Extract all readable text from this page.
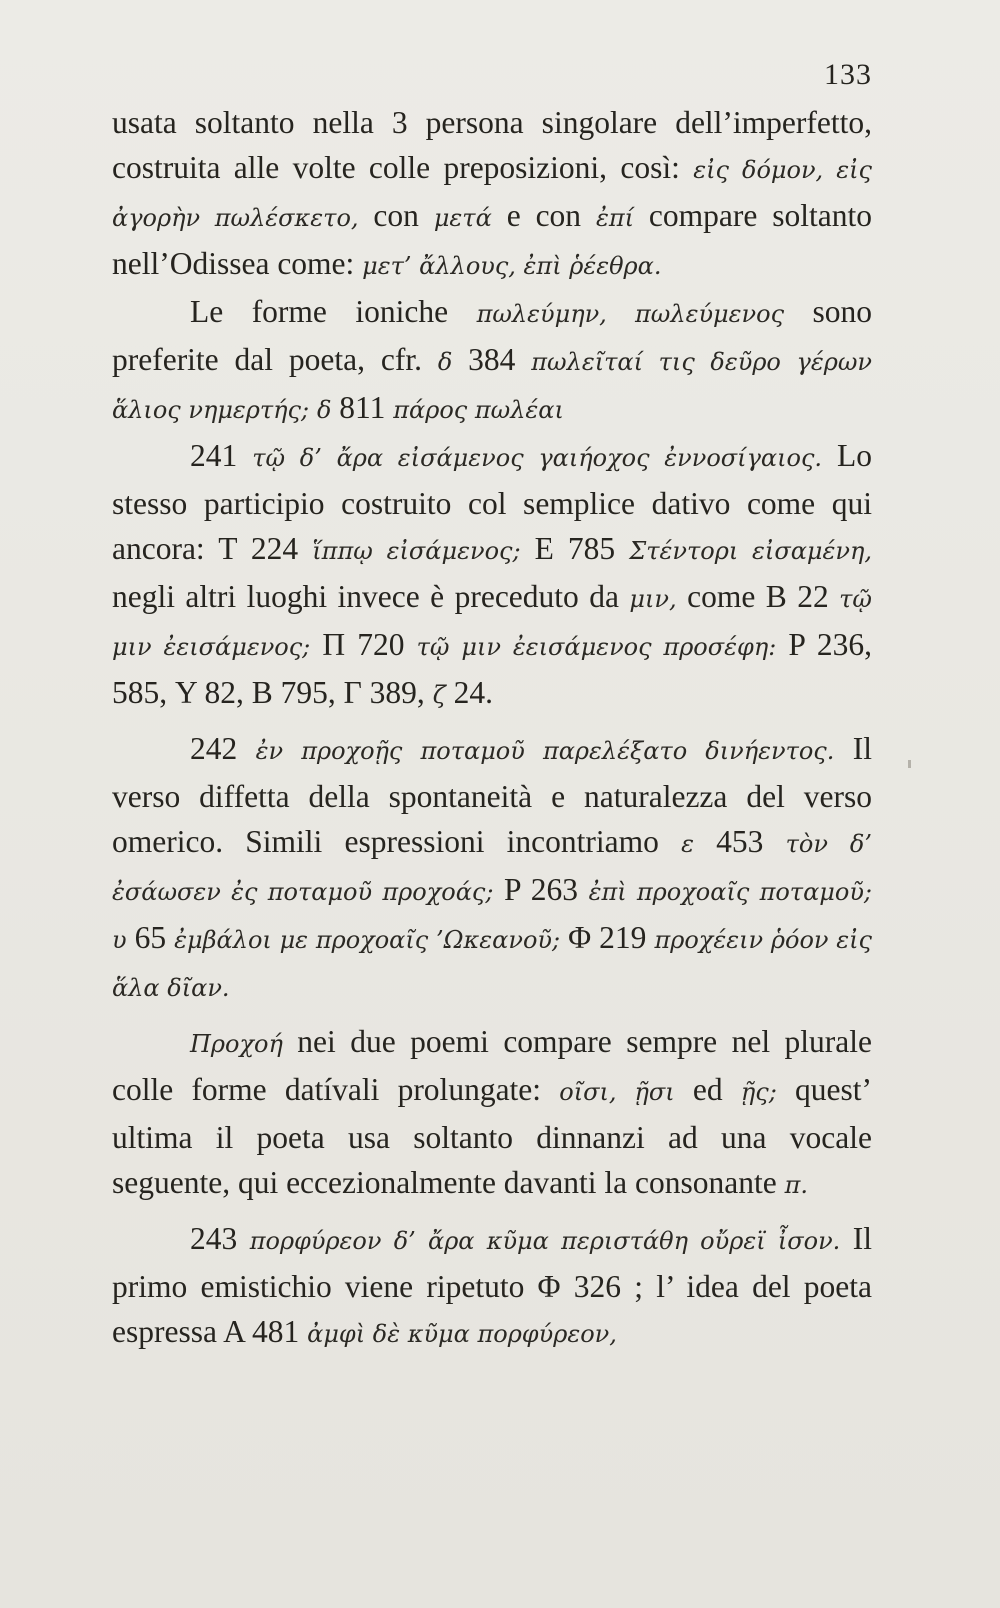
133

usata soltanto nella 3 persona singolare dell’imperfetto, costruita alle volte colle preposizioni, così: εἰς δόμον, εἰς ἀγορὴν πωλέσκετο, con μετά e con ἐπί compare soltanto nell’Odissea come: μετ’ ἄλλους, ἐπὶ ῥέεθρα.

Le forme ioniche πωλεύμην, πωλεύμενος sono preferite dal poeta, cfr. δ 384 πωλεῖταί τις δεῦρο γέρων ἅλιος νημερτής; δ 811 πάρος πωλέαι

241 τῷ δ’ ἄρα εἰσάμενος γαιήοχος ἐννοσίγαιος. Lo stesso participio costruito col semplice dativo come qui ancora: T 224 ἵππῳ εἰσάμενος; E 785 Στέντορι εἰσαμένη, negli altri luoghi invece è preceduto da μιν, come B 22 τῷ μιν ἐεισάμενος; Π 720 τῷ μιν ἐεισάμενος προσέφη: P 236, 585, Υ 82, B 795, Γ 389, ζ 24.

242 ἐν προχοῇς ποταμοῦ παρελέξατο δινήεντος. Il verso diffetta della spontaneità e naturalezza del verso omerico. Simili espressioni incontriamo ε 453 τὸν δ’ ἐσάωσεν ἐς ποταμοῦ προχοάς; P 263 ἐπὶ προχοαῖς ποταμοῦ; υ 65 ἐμβάλοι με προχοαῖς ’Ωκεανοῦ; Φ 219 προχέειν ῥόον εἰς ἅλα δῖαν.

Προχοή nei due poemi compare sempre nel plurale colle forme datívali prolungate: οῖσι, ῇσι ed ῇς; quest’ ultima il poeta usa soltanto dinnanzi ad una vocale seguente, qui eccezionalmente davanti la consonante π.

243 πορφύρεον δ’ ἄρα κῦμα περιστάθη οὔρεϊ ἶσον. Il primo emistichio viene ripetuto Φ 326 ; l’ idea del poeta espressa A 481 ἀμφὶ δὲ κῦμα πορφύρεον,
